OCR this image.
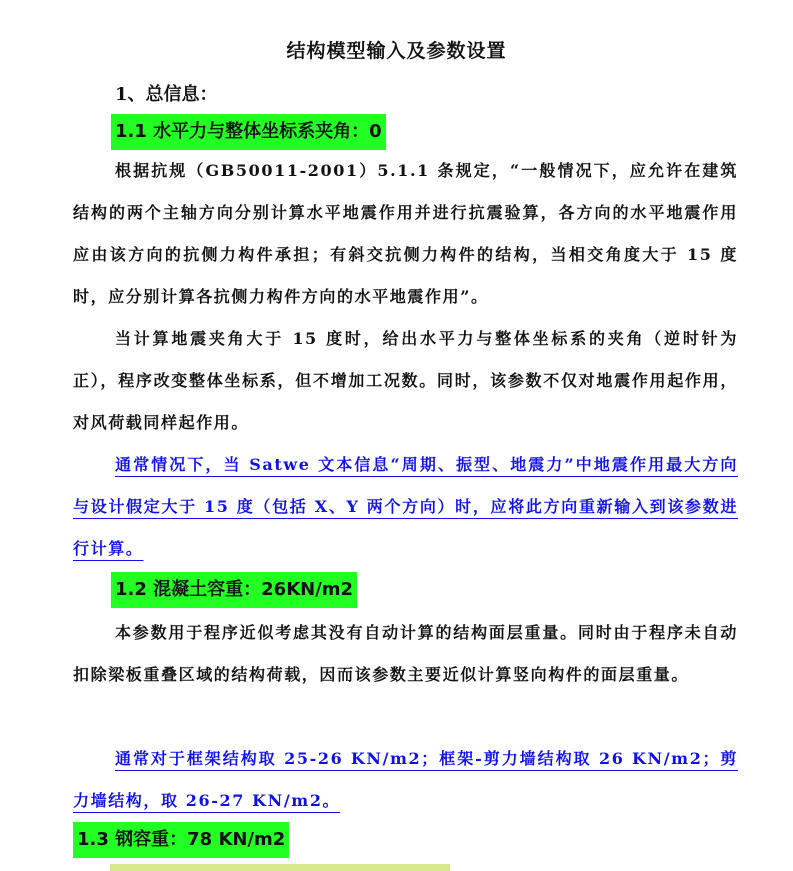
结构模型输入及参数设置
1、总信息：
1.1 水平力与整体坐标系夹角：0

根据抗规（GB50011-2001）5.1.1 条规定，“一般情况下，应允许在建筑结构的两个主轴方向分别计算水平地震作用并进行抗震验算，各方向的水平地震作用应由该方向的抗侧力构件承担；有斜交抗侧力构件的结构，当相交角度大于 15 度时，应分别计算各抗侧力构件方向的水平地震作用”。

当计算地震夹角大于 15 度时，给出水平力与整体坐标系的夹角（逆时针为正），程序改变整体坐标系，但不增加工况数。同时，该参数不仅对地震作用起作用，对风荷载同样起作用。

通常情况下，当 Satwe 文本信息“周期、振型、地震力”中地震作用最大方向与设计假定大于 15 度（包括 X、Y 两个方向）时，应将此方向重新输入到该参数进行计算。

1.2 混凝土容重：26KN/m2

本参数用于程序近似考虑其没有自动计算的结构面层重量。同时由于程序未自动扣除梁板重叠区域的结构荷载，因而该参数主要近似计算竖向构件的面层重量。

通常对于框架结构取 25-26 KN/m2；框架-剪力墙结构取 26 KN/m2；剪力墙结构，取 26-27 KN/m2。

1.3 钢容重：78 KN/m2
